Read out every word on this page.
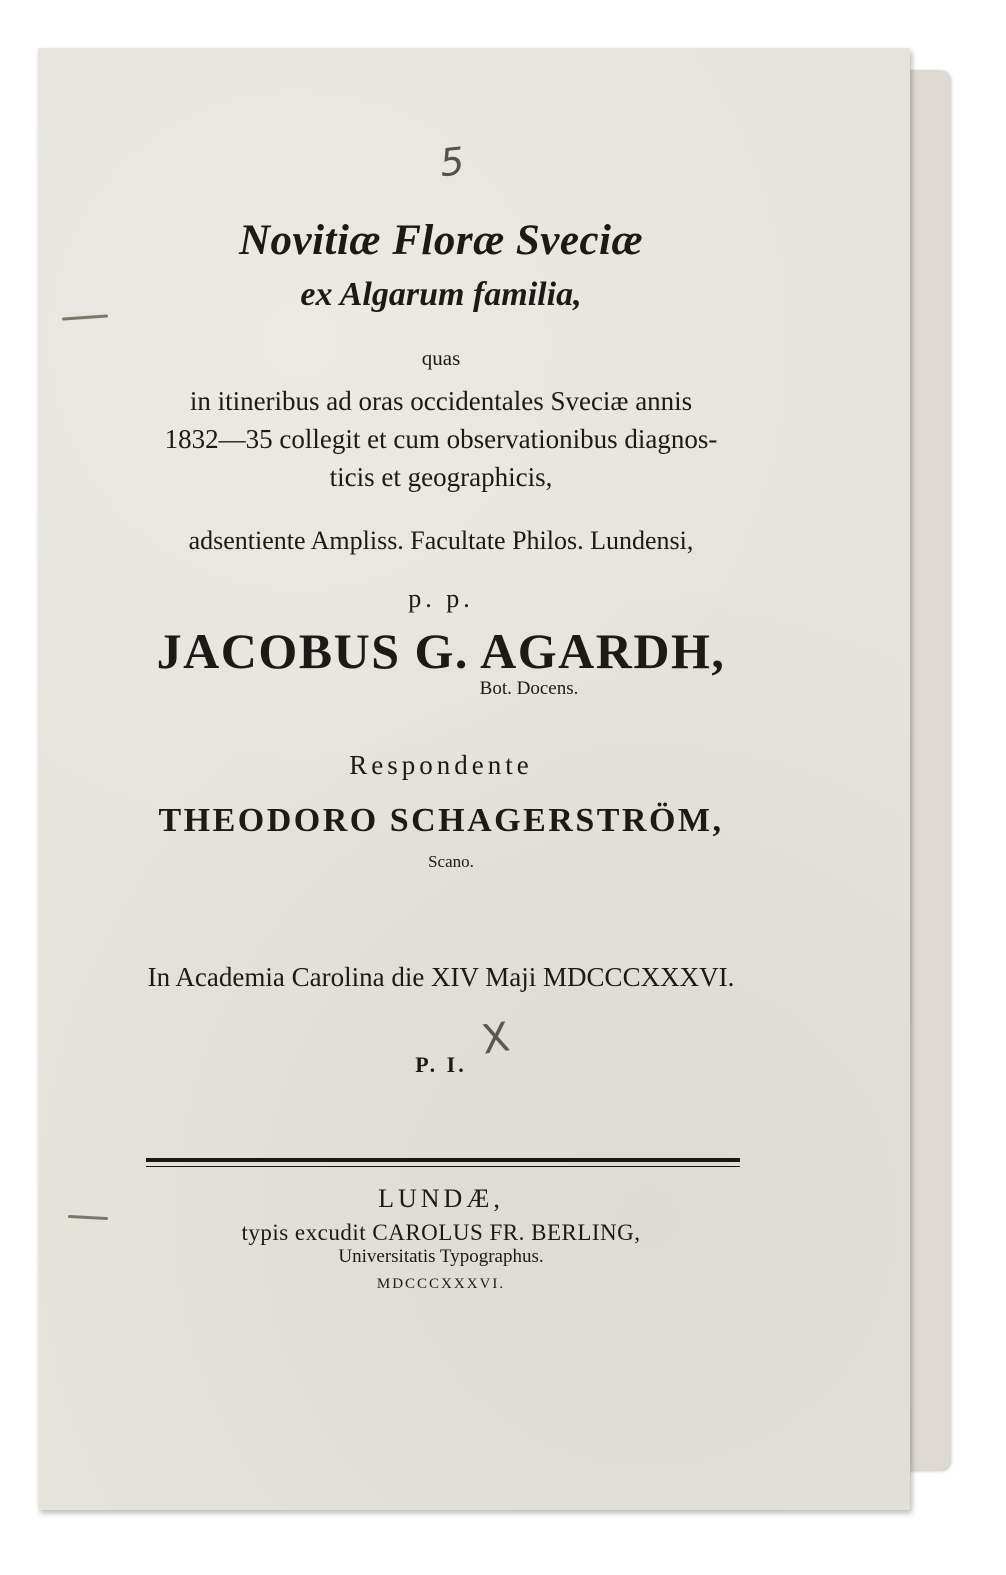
5
X
Novitiæ Floræ Sveciæ
ex Algarum familia,
quas
in itineribus ad oras occidentales Sveciæ annis
1832—35 collegit et cum observationibus diagnos-
ticis et geographicis,
adsentiente Ampliss. Facultate Philos. Lundensi,
p. p.
JACOBUS G. AGARDH,
Bot. Docens.
Respondente
THEODORO SCHAGERSTRÖM,
Scano.
In Academia Carolina die XIV Maji MDCCCXXXVI.
P. I.
LUNDÆ,
typis excudit CAROLUS FR. BERLING,
Universitatis Typographus.
MDCCCXXXVI.
